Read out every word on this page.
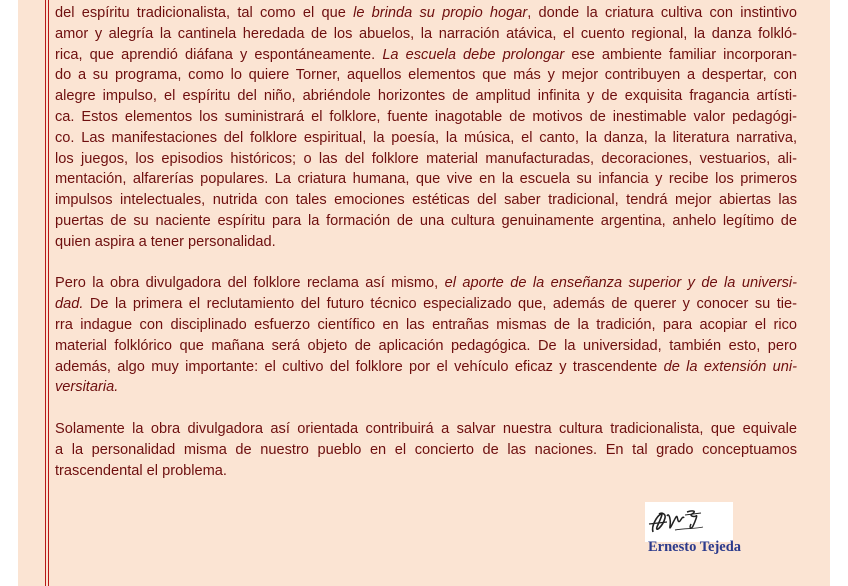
del espíritu tradicionalista, tal como el que le brinda su propio hogar, donde la criatura cultiva con instintivo
amor y alegría la cantinela heredada de los abuelos, la narración atávica, el cuento regional, la danza folkló-
rica, que aprendió diáfana y espontáneamente. La escuela debe prolongar ese ambiente familiar incorporan-
do a su programa, como lo quiere Torner, aquellos elementos que más y mejor contribuyen a despertar, con
alegre impulso, el espíritu del niño, abriéndole horizontes de amplitud infinita y de exquisita fragancia artísti-
ca. Estos elementos los suministrará el folklore, fuente inagotable de motivos de inestimable valor pedagógi-
co. Las manifestaciones del folklore espiritual, la poesía, la música, el canto, la danza, la literatura narrativa,
los juegos, los episodios históricos; o las del folklore material manufacturadas, decoraciones, vestuarios, ali-
mentación, alfarerías populares. La criatura humana, que vive en la escuela su infancia y recibe los primeros
impulsos intelectuales, nutrida con tales emociones estéticas del saber tradicional, tendrá mejor abiertas las
puertas de su naciente espíritu para la formación de una cultura genuinamente argentina, anhelo legítimo de
quien aspira a tener personalidad.

Pero la obra divulgadora del folklore reclama así mismo, el aporte de la enseñanza superior y de la universi-
dad. De la primera el reclutamiento del futuro técnico especializado que, además de querer y conocer su tie-
rra indague con disciplinado esfuerzo científico en las entrañas mismas de la tradición, para acopiar el rico
material folklórico que mañana será objeto de aplicación pedagógica. De la universidad, también esto, pero
además, algo muy importante: el cultivo del folklore por el vehículo eficaz y trascendente de la extensión uni-
versitaria.

Solamente la obra divulgadora así orientada contribuirá a salvar nuestra cultura tradicionalista, que equivale
a la personalidad misma de nuestro pueblo en el concierto de las naciones. En tal grado conceptuamos
trascendental el problema.

Ernesto Tejeda
